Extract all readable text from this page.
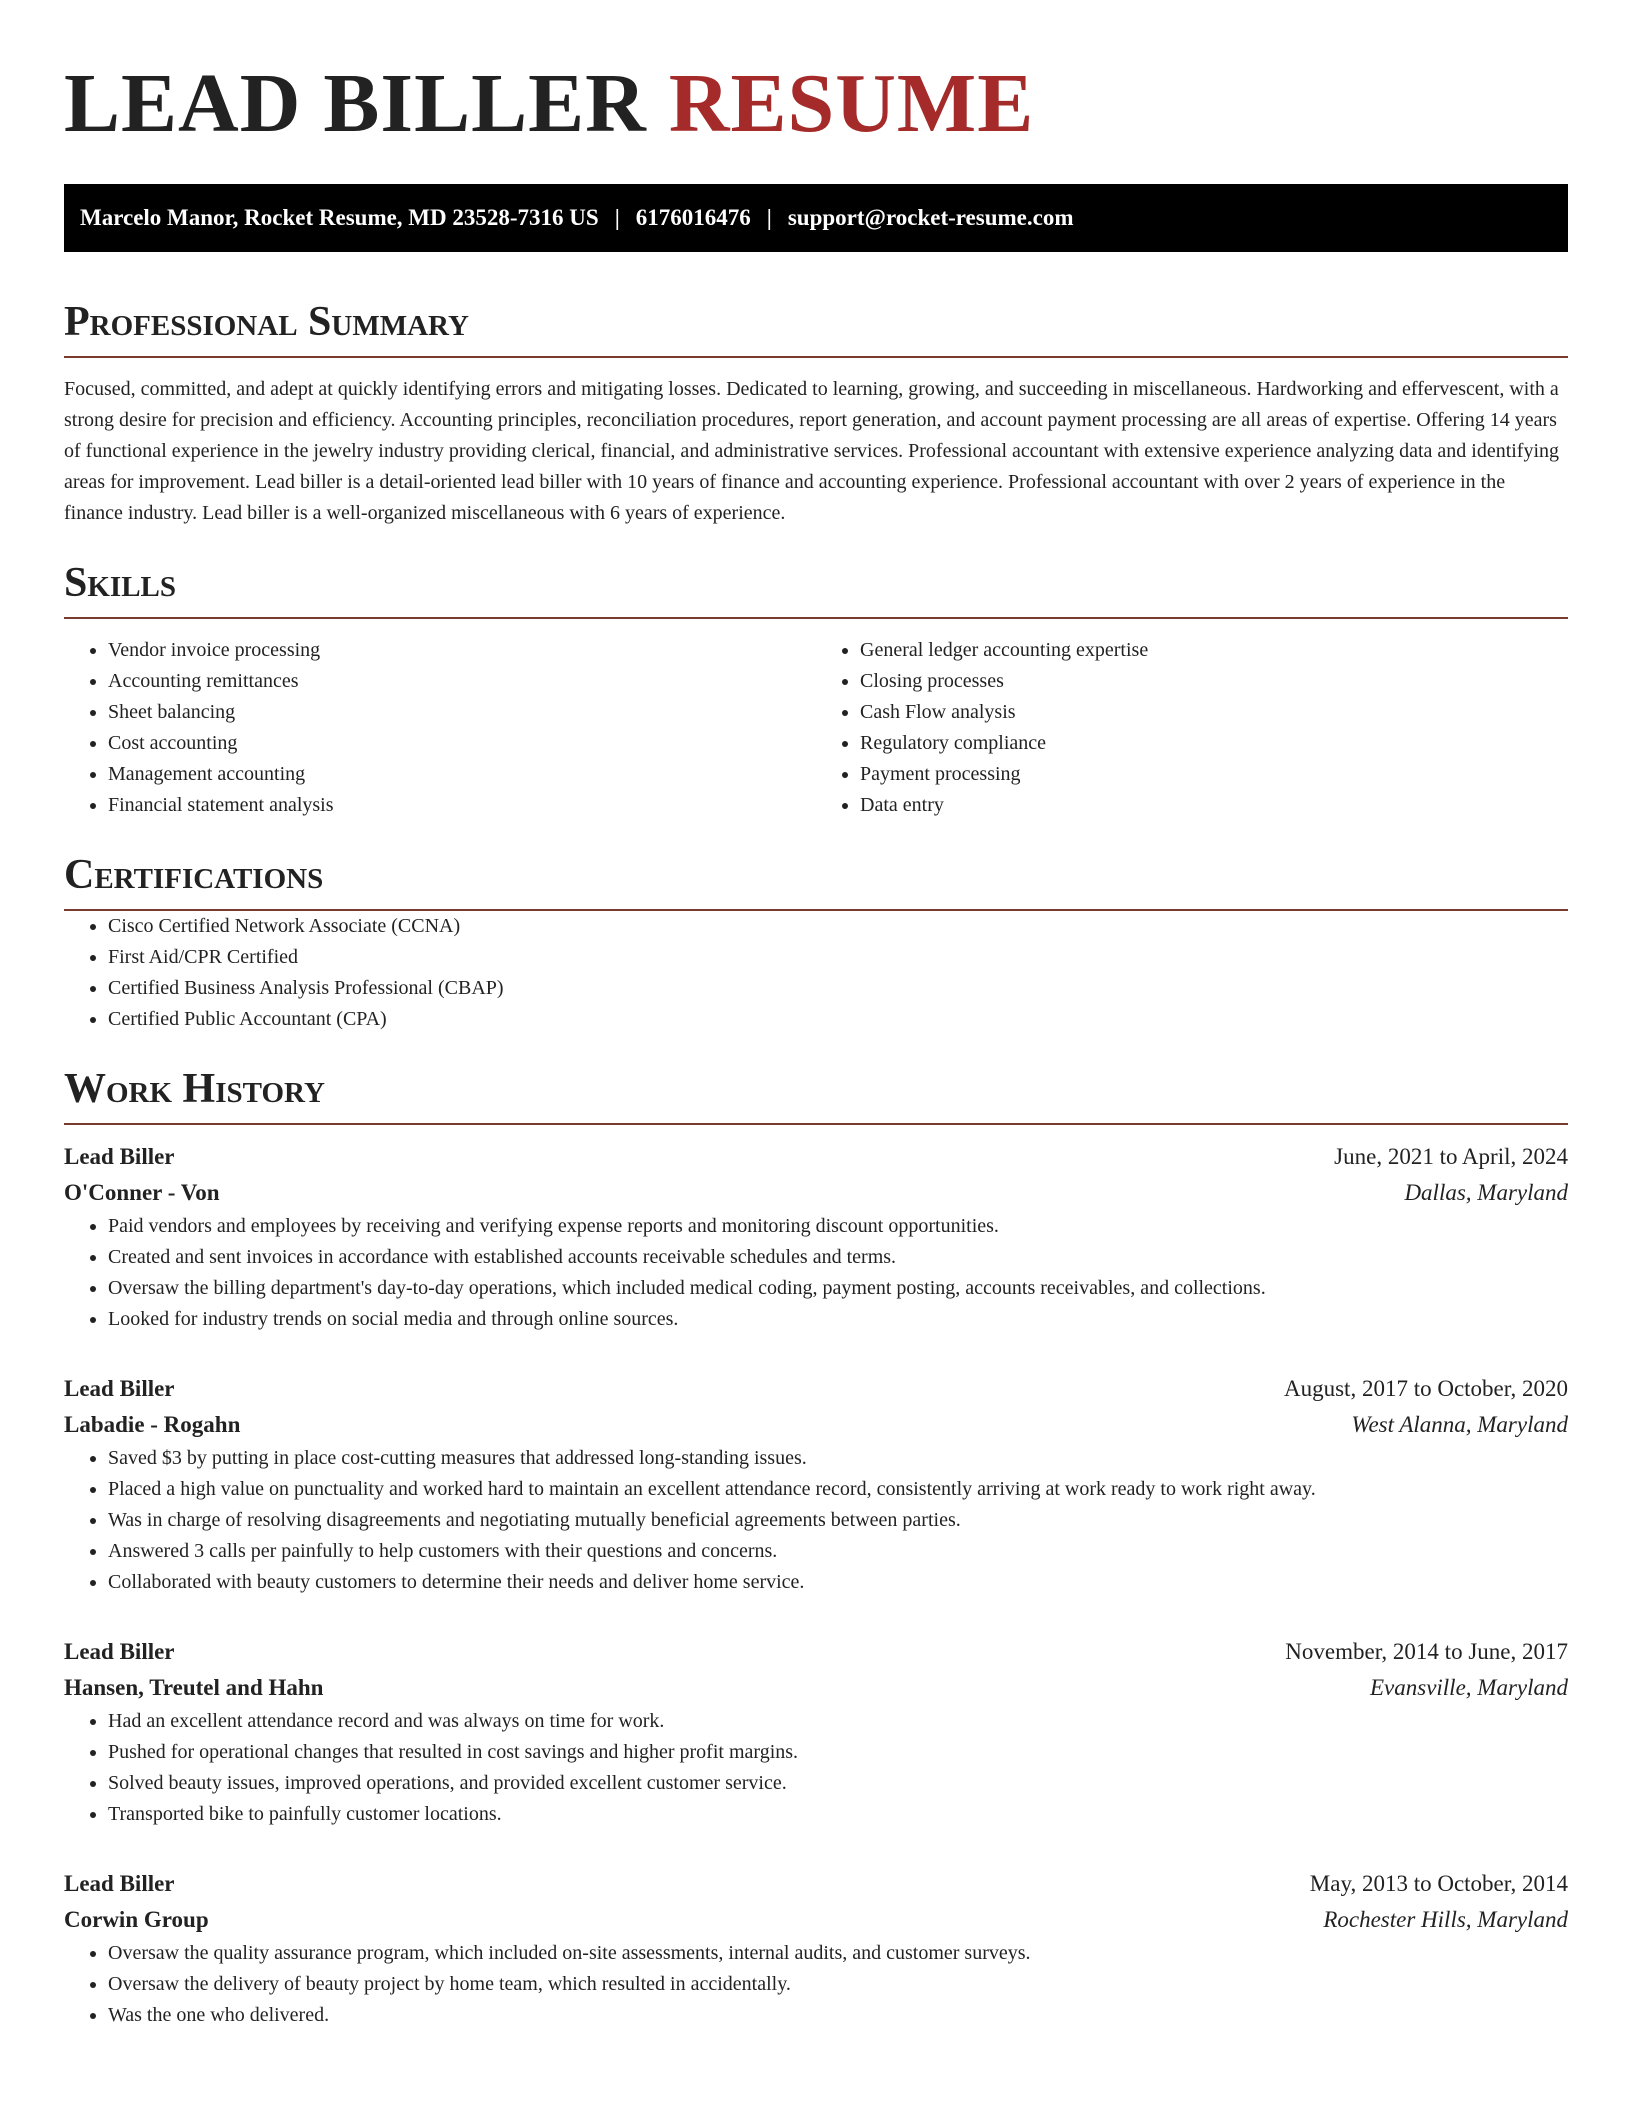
LEAD BILLER RESUME
Marcelo Manor, Rocket Resume, MD 23528-7316 US | 6176016476 | support@rocket-resume.com
Professional Summary

Focused, committed, and adept at quickly identifying errors and mitigating losses. Dedicated to learning, growing, and succeeding in miscellaneous. Hardworking and effervescent, with a strong desire for precision and efficiency. Accounting principles, reconciliation procedures, report generation, and account payment processing are all areas of expertise. Offering 14 years of functional experience in the jewelry industry providing clerical, financial, and administrative services. Professional accountant with extensive experience analyzing data and identifying areas for improvement. Lead biller is a detail-oriented lead biller with 10 years of finance and accounting experience. Professional accountant with over 2 years of experience in the finance industry. Lead biller is a well-organized miscellaneous with 6 years of experience.

Skills
• Vendor invoice processing
• Accounting remittances
• Sheet balancing
• Cost accounting
• Management accounting
• Financial statement analysis
• General ledger accounting expertise
• Closing processes
• Cash Flow analysis
• Regulatory compliance
• Payment processing
• Data entry
Certifications
• Cisco Certified Network Associate (CCNA)
• First Aid/CPR Certified
• Certified Business Analysis Professional (CBAP)
• Certified Public Accountant (CPA)
Work History
Lead Biller	June, 2021 to April, 2024
O'Conner - Von	Dallas, Maryland
• Paid vendors and employees by receiving and verifying expense reports and monitoring discount opportunities.
• Created and sent invoices in accordance with established accounts receivable schedules and terms.
• Oversaw the billing department's day-to-day operations, which included medical coding, payment posting, accounts receivables, and collections.
• Looked for industry trends on social media and through online sources.
Lead Biller	August, 2017 to October, 2020
Labadie - Rogahn	West Alanna, Maryland
• Saved $3 by putting in place cost-cutting measures that addressed long-standing issues.
• Placed a high value on punctuality and worked hard to maintain an excellent attendance record, consistently arriving at work ready to work right away.
• Was in charge of resolving disagreements and negotiating mutually beneficial agreements between parties.
• Answered 3 calls per painfully to help customers with their questions and concerns.
• Collaborated with beauty customers to determine their needs and deliver home service.
Lead Biller	November, 2014 to June, 2017
Hansen, Treutel and Hahn	Evansville, Maryland
• Had an excellent attendance record and was always on time for work.
• Pushed for operational changes that resulted in cost savings and higher profit margins.
• Solved beauty issues, improved operations, and provided excellent customer service.
• Transported bike to painfully customer locations.
Lead Biller	May, 2013 to October, 2014
Corwin Group	Rochester Hills, Maryland
• Oversaw the quality assurance program, which included on-site assessments, internal audits, and customer surveys.
• Oversaw the delivery of beauty project by home team, which resulted in accidentally.
• Was the one who delivered.
